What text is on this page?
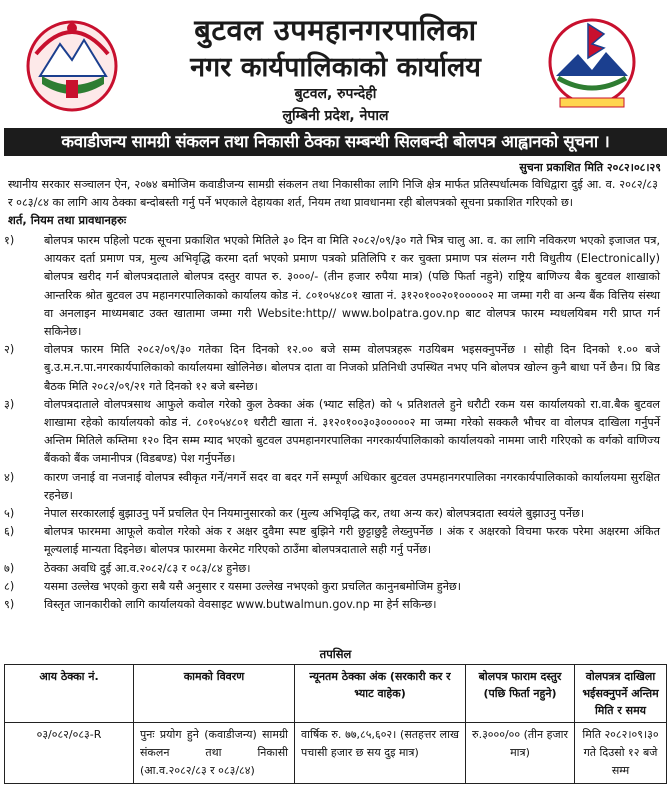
बुटवल उपमहानगरपालिका
नगर कार्यपालिकाको कार्यालय
बुटवल, रुपन्देही
लुम्बिनी प्रदेश, नेपाल
कवाडीजन्य सामग्री संकलन तथा निकासी ठेक्का सम्बन्धी सिलबन्दी बोलपत्र आह्वानको सूचना ।
सुचना प्रकाशित मिति २०८२।०८।२९
स्थानीय सरकार सञ्चालन ऐन, २०७४ बमोजिम कवाडीजन्य सामग्री संकलन तथा निकासीका लागि निजि क्षेत्र मार्फत प्रतिस्पर्धात्मक विधिद्वारा दुई आ. व. २०८२/८३ र ०८३/८४ का लागि आय ठेक्का बन्दोबस्ती गर्नु पर्ने भएकाले देहायका शर्त, नियम तथा प्रावधानमा रही बोलपत्रको सूचना प्रकाशित गरिएको छ।
शर्त, नियम तथा प्रावधानहरुः
१)	बोलपत्र फारम पहिलो पटक सूचना प्रकाशित भएको मितिले ३० दिन वा मिति २०८२/०९/३० गते भित्र चालु आ. व. का लागि नविकरण भएको इजाजत पत्र, आयकर दर्ता प्रमाण पत्र, मुल्य अभिवृद्धि करमा दर्ता भएको प्रमाण पत्रको प्रतिलिपि र कर चुक्ता प्रमाण पत्र संलग्न गरी विधुतीय (Electronically) बोलपत्र खरीद गर्न बोलपत्रदाताले बोलपत्र दस्तुर वापत रु. ३०००/- (तीन हजार रुपैया मात्र) (पछि फिर्ता नहुने) राष्ट्रिय बाणिज्य बैक बुटवल शाखाको आन्तरिक श्रोत बुटवल उप महानगरपालिकाको कार्यालय कोड नं. ८०१०५४८०१ खाता नं. ३१२०१००२०१०००००२ मा जम्मा गरी वा अन्य बैंक वित्तिय संस्था वा अनलाइन माध्यमबाट उक्त खातामा जम्मा गरी Website:http// www.bolpatra.gov.np बाट वोलपत्र फारम म्यधलयिबम गरी प्राप्त गर्न सकिनेछ।
२)	वोलपत्र फारम मिति २०८२/०९/३० गतेका दिन दिनको १२.०० बजे सम्म वोलपत्रहरू गउयिबम भइसक्नुपर्नेछ । सोही दिन दिनको १.०० बजे बु.उ.म.न.पा.नगरकार्यपालिकाको कार्यालयमा खोलिनेछ। बोलपत्र दाता वा निजको प्रतिनिधी उपस्थित नभए पनि बोलपत्र खोल्न कुनै बाधा पर्ने छैन। प्रि बिड बैठक मिति २०८२/०९/२१ गते दिनको १२ बजे बस्नेछ।
३)	वोलपत्रदाताले वोलपत्रसाथ आफुले कवोल गरेको कुल ठेक्का अंक (भ्याट सहित) को ५ प्रतिशतले हुने धरौटी रकम यस कार्यालयको रा.वा.बैक बुटवल शाखामा रहेको कार्यालयको कोड नं. ८०१०५४८०१ धरौटी खाता नं. ३१२०१००३०३०००००२ मा जम्मा गरेको सक्कलै भौचर वा वोलपत्र दाखिला गर्नुपर्ने अन्तिम मितिले कम्तिमा १२० दिन सम्म म्याद भएको बुटवल उपमहानगरपालिका नगरकार्यपालिकाको कार्यालयको नाममा जारी गरिएको क वर्गको वाणिज्य बैंकको बैंक जमानीपत्र (विडबण्ड) पेश गर्नुपर्नेछ।
४)	कारण जनाई वा नजनाई वोलपत्र स्वीकृत गर्ने/नगर्ने सदर वा बदर गर्ने सम्पूर्ण अधिकार बुटवल उपमहानगरपालिका नगरकार्यपालिकाको कार्यालयमा सुरक्षित रहनेछ।
५)	नेपाल सरकारलाई बुझाउनु पर्ने प्रचलित ऐन नियमानुसारको कर (मुल्य अभिवृद्धि कर, तथा अन्य कर) बोलपत्रदाता स्वयंले बुझाउनु पर्नेछ।
६)	बोलपत्र फारममा आफूले कवोल गरेको अंक र अक्षर दुवैमा स्पष्ट बुझिने गरी छुट्टाछुट्टै लेख्नुपर्नेछ । अंक र अक्षरको विचमा फरक परेमा अक्षरमा अंकित मूल्यलाई मान्यता दिइनेछ। बोलपत्र फारममा केरमेट गरिएको ठाउँमा बोलपत्रदाताले सही गर्नु पर्नेछ।
७)	ठेक्का अवधि दुई आ.व.२०८२/८३ र ०८३/८४ हुनेछ।
८)	यसमा उल्लेख भएको कुरा सबै यसै अनुसार र यसमा उल्लेख नभएको कुरा प्रचलित कानुनबमोजिम हुनेछ।
९)	विस्तृत जानकारीको लागि कार्यालयको वेवसाइट www.butwalmun.gov.np मा हेर्न सकिन्छ।
तपसिल
आय ठेक्का नं.	कामको विवरण	न्यूनतम ठेक्का अंक (सरकारी कर र भ्याट वाहेक)	बोलपत्र फाराम दस्तुर (पछि फिर्ता नहुने)	वोलपत्रत्र दाखिला भईसक्नुपर्ने अन्तिम मिति र समय
०३/०८२/०८३-R	पुनः प्रयोग हुने (कवाडीजन्य) सामग्री संकलन तथा निकासी (आ.व.२०८२/८३ र ०८३/८४)	वार्षिक रु. ७७,८५,६०२। (सतहत्तर लाख पचासी हजार छ सय दुइ मात्र)	रु.३०००/०० (तीन हजार मात्र)	मिति २०८२।०९।३० गते दिउसो १२ बजे सम्म
